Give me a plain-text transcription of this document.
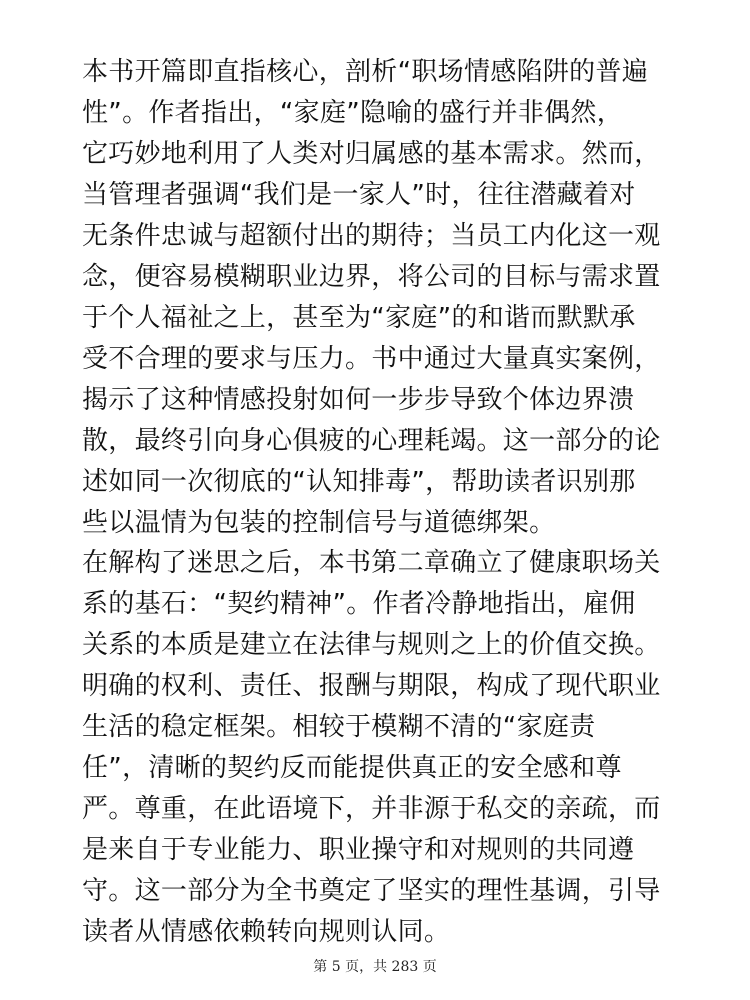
本书开篇即直指核心，剖析“职场情感陷阱的普遍
性”。作者指出，“家庭”隐喻的盛行并非偶然，
它巧妙地利用了人类对归属感的基本需求。然而，
当管理者强调“我们是一家人”时，往往潜藏着对
无条件忠诚与超额付出的期待；当员工内化这一观
念，便容易模糊职业边界，将公司的目标与需求置
于个人福祉之上，甚至为“家庭”的和谐而默默承
受不合理的要求与压力。书中通过大量真实案例，
揭示了这种情感投射如何一步步导致个体边界溃
散，最终引向身心俱疲的心理耗竭。这一部分的论
述如同一次彻底的“认知排毒”，帮助读者识别那
些以温情为包装的控制信号与道德绑架。
在解构了迷思之后，本书第二章确立了健康职场关
系的基石：“契约精神”。作者冷静地指出，雇佣
关系的本质是建立在法律与规则之上的价值交换。
明确的权利、责任、报酬与期限，构成了现代职业
生活的稳定框架。相较于模糊不清的“家庭责
任”，清晰的契约反而能提供真正的安全感和尊
严。尊重，在此语境下，并非源于私交的亲疏，而
是来自于专业能力、职业操守和对规则的共同遵
守。这一部分为全书奠定了坚实的理性基调，引导
读者从情感依赖转向规则认同。
第 5 页，共 283 页
